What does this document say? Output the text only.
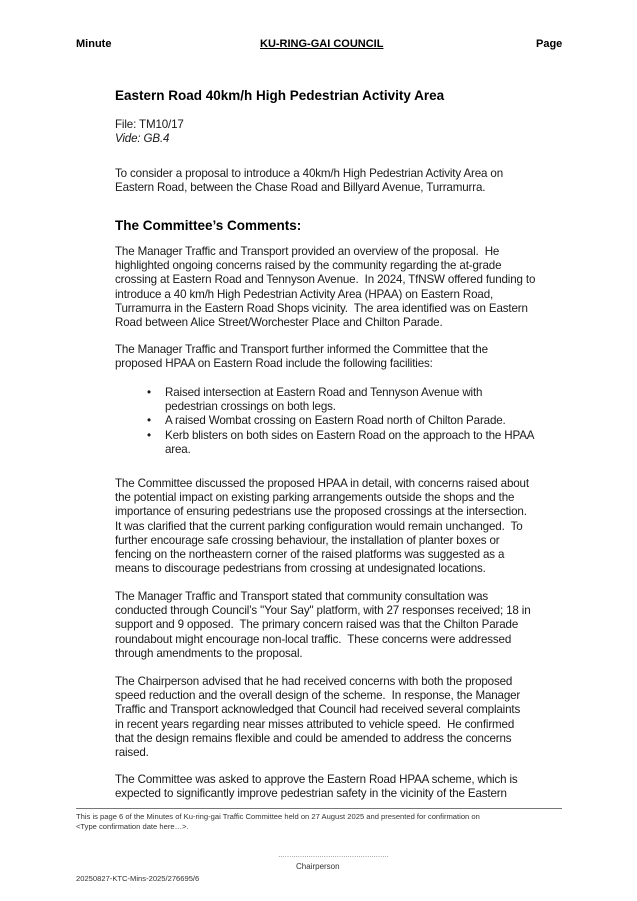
Minute	KU-RING-GAI COUNCIL	Page
Eastern Road 40km/h High Pedestrian Activity Area
File: TM10/17
Vide: GB.4
To consider a proposal to introduce a 40km/h High Pedestrian Activity Area on
Eastern Road, between the Chase Road and Billyard Avenue, Turramurra.
The Committee’s Comments:
The Manager Traffic and Transport provided an overview of the proposal.  He
highlighted ongoing concerns raised by the community regarding the at-grade
crossing at Eastern Road and Tennyson Avenue.  In 2024, TfNSW offered funding to
introduce a 40 km/h High Pedestrian Activity Area (HPAA) on Eastern Road,
Turramurra in the Eastern Road Shops vicinity.  The area identified was on Eastern
Road between Alice Street/Worchester Place and Chilton Parade.
The Manager Traffic and Transport further informed the Committee that the
proposed HPAA on Eastern Road include the following facilities:
• Raised intersection at Eastern Road and Tennyson Avenue with
pedestrian crossings on both legs.
• A raised Wombat crossing on Eastern Road north of Chilton Parade.
• Kerb blisters on both sides on Eastern Road on the approach to the HPAA
area.
The Committee discussed the proposed HPAA in detail, with concerns raised about
the potential impact on existing parking arrangements outside the shops and the
importance of ensuring pedestrians use the proposed crossings at the intersection.
It was clarified that the current parking configuration would remain unchanged.  To
further encourage safe crossing behaviour, the installation of planter boxes or
fencing on the northeastern corner of the raised platforms was suggested as a
means to discourage pedestrians from crossing at undesignated locations.
The Manager Traffic and Transport stated that community consultation was
conducted through Council’s "Your Say" platform, with 27 responses received; 18 in
support and 9 opposed.  The primary concern raised was that the Chilton Parade
roundabout might encourage non-local traffic.  These concerns were addressed
through amendments to the proposal.
The Chairperson advised that he had received concerns with both the proposed
speed reduction and the overall design of the scheme.  In response, the Manager
Traffic and Transport acknowledged that Council had received several complaints
in recent years regarding near misses attributed to vehicle speed.  He confirmed
that the design remains flexible and could be amended to address the concerns
raised.
The Committee was asked to approve the Eastern Road HPAA scheme, which is
expected to significantly improve pedestrian safety in the vicinity of the Eastern
This is page 6 of the Minutes of Ku-ring-gai Traffic Committee held on 27 August 2025 and presented for confirmation on
<Type confirmation date here…>.
……………………………………………
Chairperson
20250827-KTC-Mins-2025/276695/6
